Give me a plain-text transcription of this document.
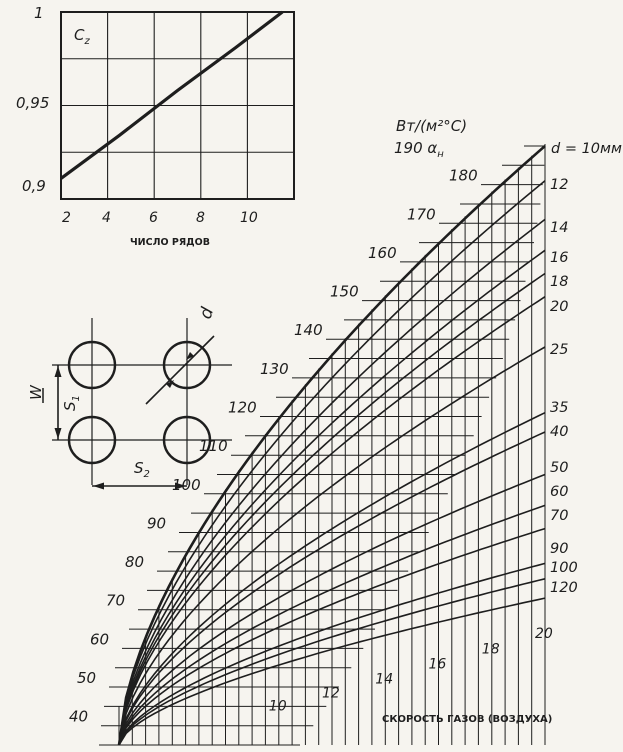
$C_z$
1
0,95
0,9
2 4	6	8	10
ЧИСЛО РЯДОВ
d
W
$S_1$
$S_2$
40
50
60
70
80
90
100
110
120
130
140
150
160
170
180
10
12
14
16
18
20
d = 10мм
12
14
16
18
20
25
35
40
50
60
70
90
100
120
Вт/(м²°С)
190 $\alpha_н$
СКОРОСТЬ ГАЗОВ (ВОЗДУХА)
